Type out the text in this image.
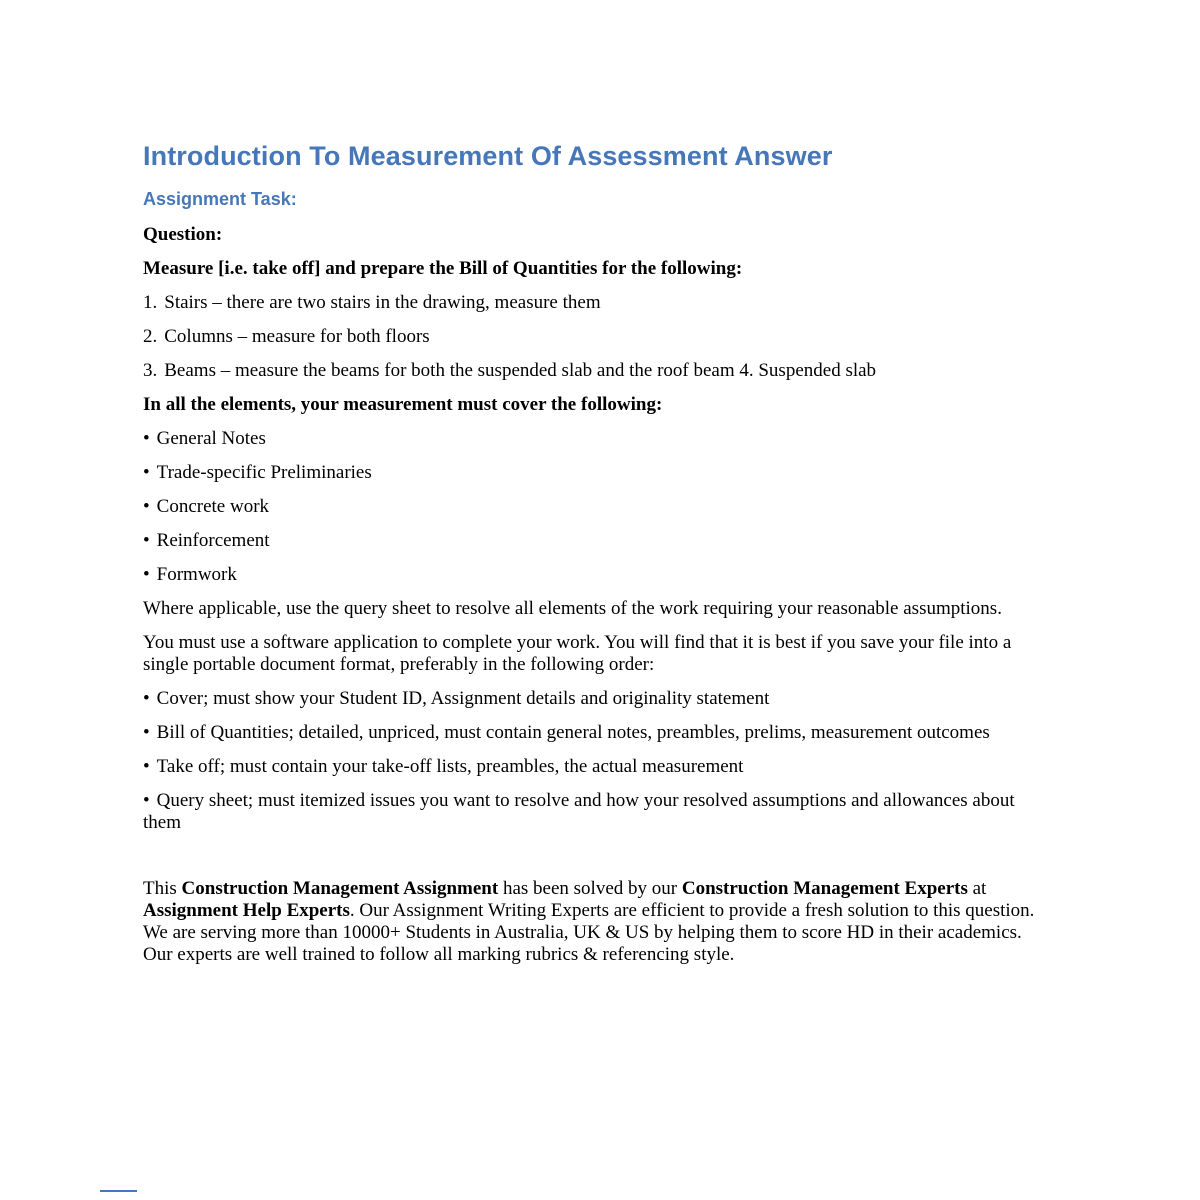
Introduction To Measurement Of Assessment Answer
Assignment Task:

Question:

Measure [i.e. take off] and prepare the Bill of Quantities for the following:

1. Stairs – there are two stairs in the drawing, measure them

2. Columns – measure for both floors

3. Beams – measure the beams for both the suspended slab and the roof beam 4. Suspended slab

In all the elements, your measurement must cover the following:

• General Notes

• Trade-specific Preliminaries

• Concrete work

• Reinforcement

• Formwork

Where applicable, use the query sheet to resolve all elements of the work requiring your reasonable assumptions.

You must use a software application to complete your work. You will find that it is best if you save your file into a single portable document format, preferably in the following order:

• Cover; must show your Student ID, Assignment details and originality statement

• Bill of Quantities; detailed, unpriced, must contain general notes, preambles, prelims, measurement outcomes

• Take off; must contain your take-off lists, preambles, the actual measurement

• Query sheet; must itemized issues you want to resolve and how your resolved assumptions and allowances about them

This Construction Management Assignment has been solved by our Construction Management Experts at Assignment Help Experts. Our Assignment Writing Experts are efficient to provide a fresh solution to this question. We are serving more than 10000+ Students in Australia, UK & US by helping them to score HD in their academics. Our experts are well trained to follow all marking rubrics & referencing style.
